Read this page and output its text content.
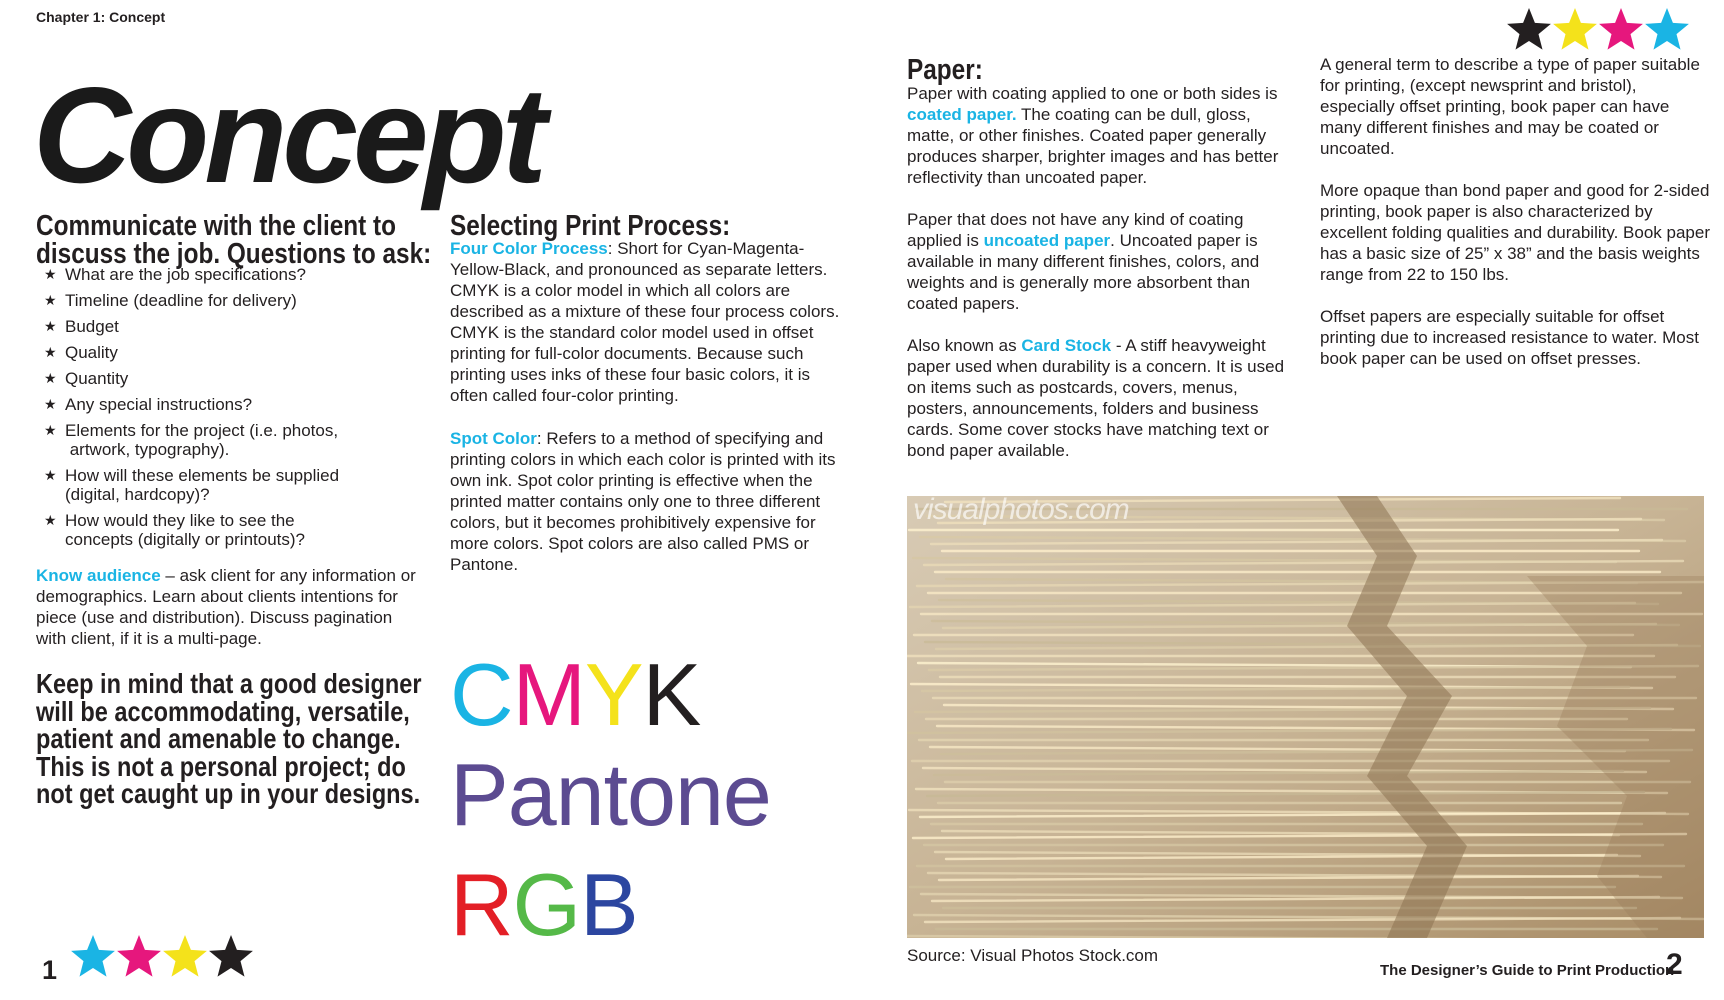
Chapter 1: Concept
Concept
Communicate with the client to
discuss the job. Questions to ask:
★ What are the job specifications?
★ Timeline (deadline for delivery)
★ Budget
★ Quality
★ Quantity
★ Any special instructions?
★ Elements for the project (i.e. photos,
artwork, typography).
★ How will these elements be supplied
(digital, hardcopy)?
★ How would they like to see the
concepts (digitally or printouts)?

Know audience – ask client for any information or demographics. Learn about clients intentions for piece (use and distribution). Discuss pagination with client, if it is a multi-page.

Keep in mind that a good designer
will be accommodating, versatile,
patient and amenable to change.
This is not a personal project; do
not get caught up in your designs.
Selecting Print Process:

Four Color Process: Short for Cyan-Magenta-Yellow-Black, and pronounced as separate letters. CMYK is a color model in which all colors are described as a mixture of these four process colors. CMYK is the standard color model used in offset printing for full-color documents. Because such printing uses inks of these four basic colors, it is often called four-color printing.

Spot Color: Refers to a method of specifying and printing colors in which each color is printed with its own ink. Spot color printing is effective when the printed matter contains only one to three different colors, but it becomes prohibitively expensive for more colors. Spot colors are also called PMS or Pantone.

CMYK
Pantone
RGB
Paper:

Paper with coating applied to one or both sides is coated paper. The coating can be dull, gloss, matte, or other finishes. Coated paper generally produces sharper, brighter images and has better reflectivity than uncoated paper.

Paper that does not have any kind of coating applied is uncoated paper. Uncoated paper is available in many different finishes, colors, and weights and is generally more absorbent than coated papers.

Also known as Card Stock - A stiff heavyweight paper used when durability is a concern. It is used on items such as postcards, covers, menus, posters, announcements, folders and business cards. Some cover stocks have matching text or bond paper available.

A general term to describe a type of paper suitable for printing, (except newsprint and bristol), especially offset printing, book paper can have many different finishes and may be coated or uncoated.

More opaque than bond paper and good for 2-sided printing, book paper is also characterized by excellent folding qualities and durability. Book paper has a basic size of 25” x 38” and the basis weights range from 22 to 150 lbs.

Offset papers are especially suitable for offset printing due to increased resistance to water. Most book paper can be used on offset presses.

visualphotos.com
Source: Visual Photos Stock.com
1	The Designer’s Guide to Print Production
2
